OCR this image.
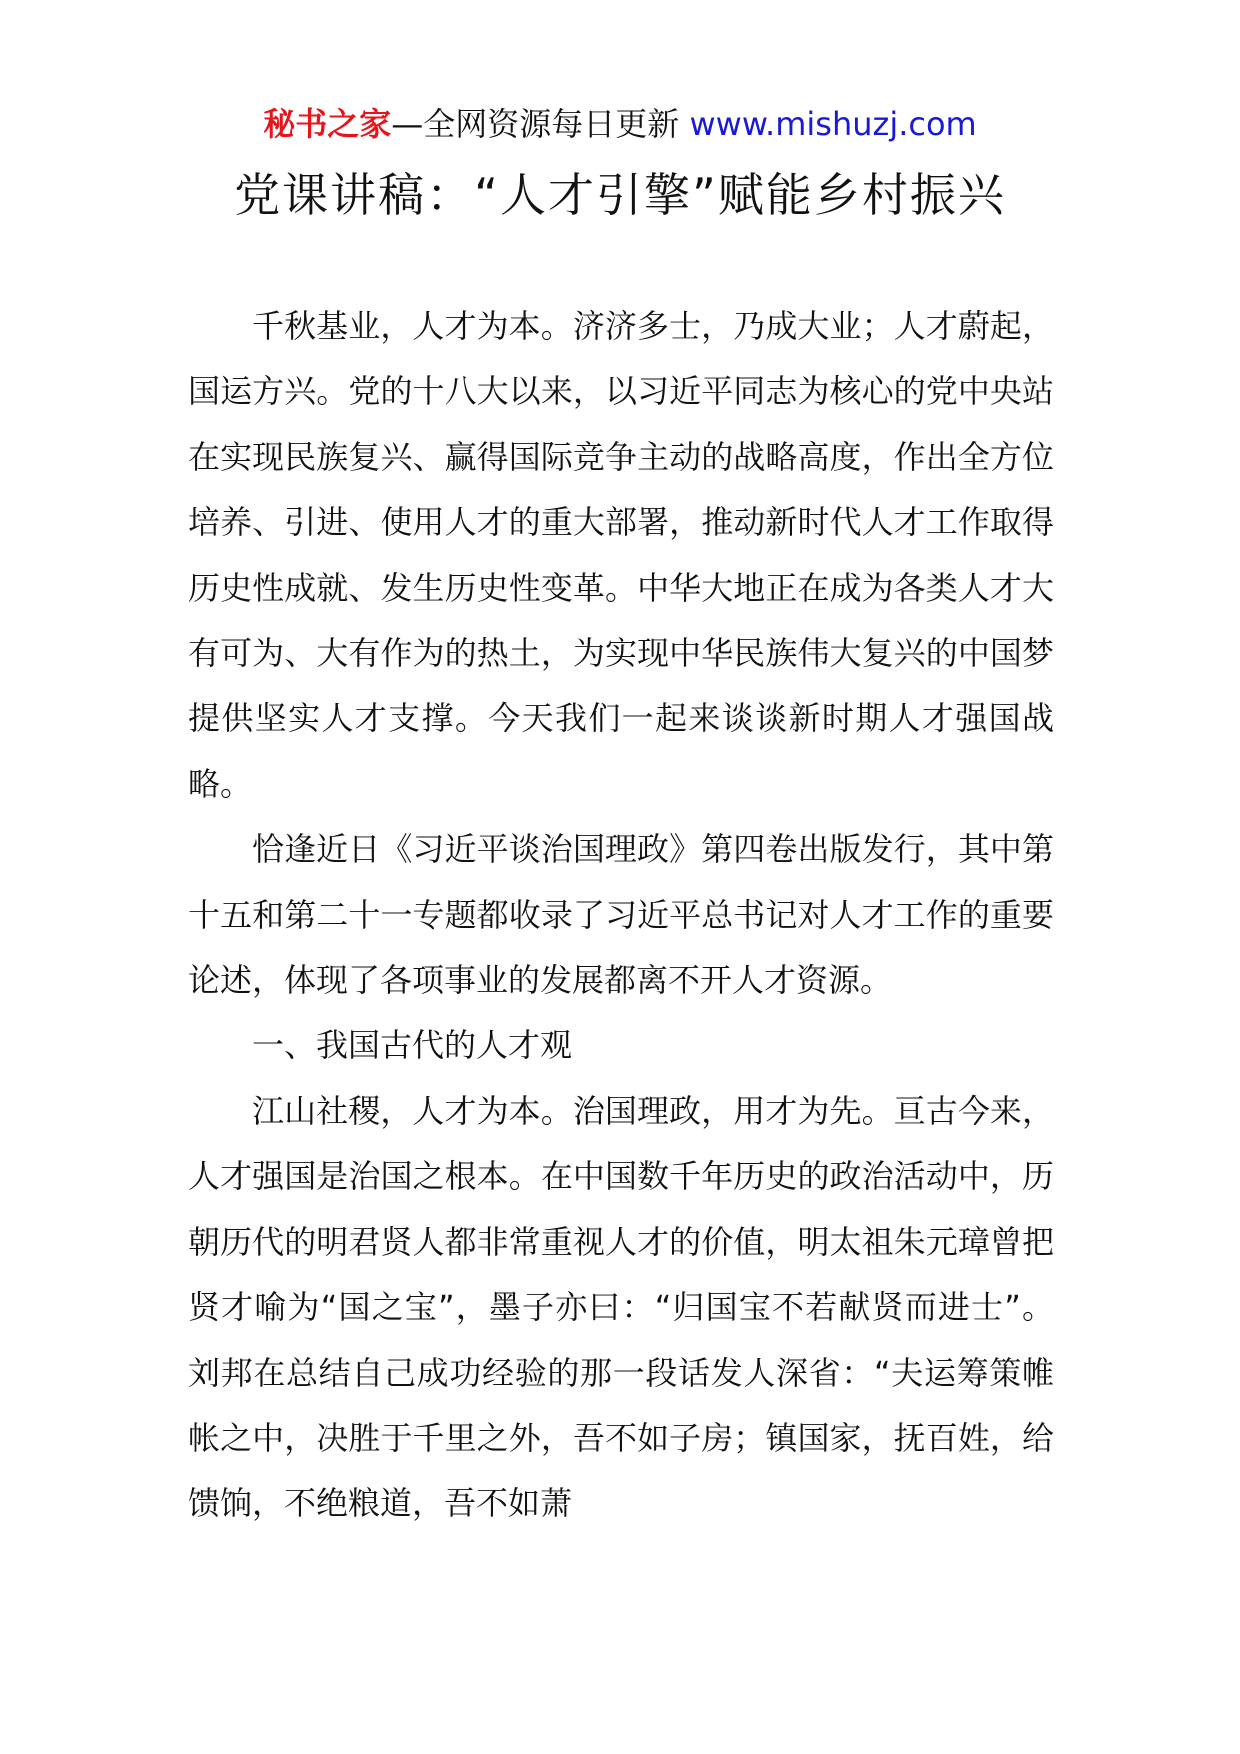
秘书之家—全网资源每日更新 www.mishuzj.com
党课讲稿：“人才引擎”赋能乡村振兴

千秋基业，人才为本。济济多士，乃成大业；人才蔚起，国运方兴。党的十八大以来，以习近平同志为核心的党中央站在实现民族复兴、赢得国际竞争主动的战略高度，作出全方位培养、引进、使用人才的重大部署，推动新时代人才工作取得历史性成就、发生历史性变革。中华大地正在成为各类人才大有可为、大有作为的热土，为实现中华民族伟大复兴的中国梦提供坚实人才支撑。今天我们一起来谈谈新时期人才强国战略。

恰逢近日《习近平谈治国理政》第四卷出版发行，其中第十五和第二十一专题都收录了习近平总书记对人才工作的重要论述，体现了各项事业的发展都离不开人才资源。

一、我国古代的人才观

江山社稷，人才为本。治国理政，用才为先。亘古今来，人才强国是治国之根本。在中国数千年历史的政治活动中，历朝历代的明君贤人都非常重视人才的价值，明太祖朱元璋曾把贤才喻为“国之宝”，墨子亦曰：“归国宝不若献贤而进士”。刘邦在总结自己成功经验的那一段话发人深省：“夫运筹策帷帐之中，决胜于千里之外，吾不如子房；镇国家，抚百姓，给馈饷，不绝粮道，吾不如萧
